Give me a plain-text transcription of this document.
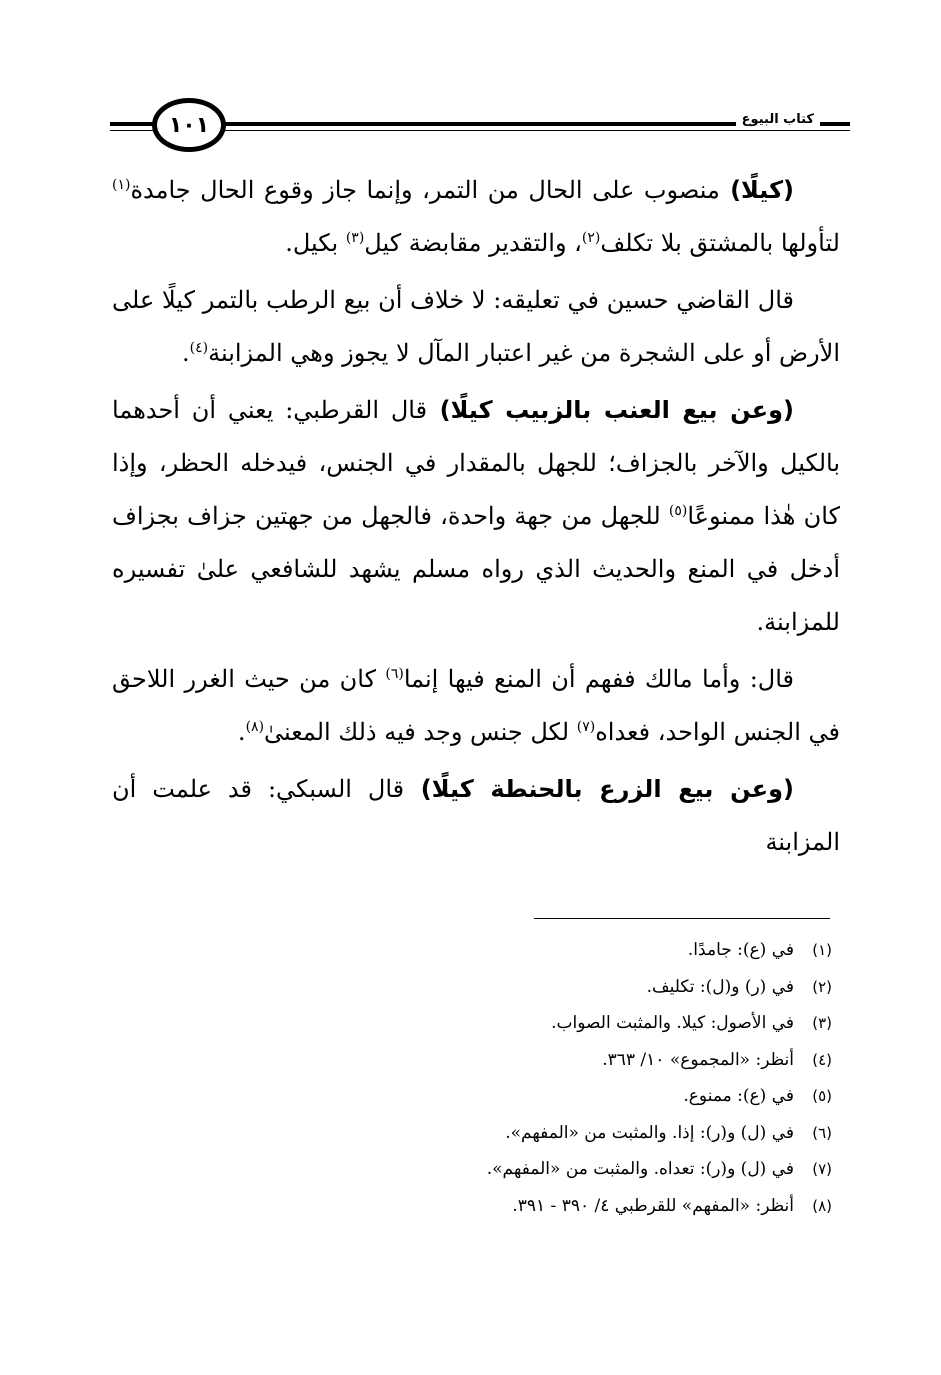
١٠١	كتاب البيوع

(كيلًا) منصوب على الحال من التمر، وإنما جاز وقوع الحال جامدة$^{(١)}$ لتأولها بالمشتق بلا تكلف$^{(٢)}$، والتقدير مقابضة كيل$^{(٣)}$ بكيل.

قال القاضي حسين في تعليقه: لا خلاف أن بيع الرطب بالتمر كيلًا على الأرض أو على الشجرة من غير اعتبار المآل لا يجوز وهي المزابنة$^{(٤)}$.

(وعن بيع العنب بالزبيب كيلًا) قال القرطبي: يعني أن أحدهما بالكيل والآخر بالجزاف؛ للجهل بالمقدار في الجنس، فيدخله الحظر، وإذا كان هٰذا ممنوعًا$^{(٥)}$ للجهل من جهة واحدة، فالجهل من جهتين جزاف بجزاف أدخل في المنع والحديث الذي رواه مسلم يشهد للشافعي علىٰ تفسيره للمزابنة.

قال: وأما مالك ففهم أن المنع فيها إنما$^{(٦)}$ كان من حيث الغرر اللاحق في الجنس الواحد، فعداه$^{(٧)}$ لكل جنس وجد فيه ذلك المعنىٰ$^{(٨)}$.

(وعن بيع الزرع بالحنطة كيلًا) قال السبكي: قد علمت أن المزابنة

(١)في (ع): جامدًا.
(٢)في (ر) و(ل): تكليف.
(٣)في الأصول: كيلا. والمثبت الصواب.
(٤)أنظر: «المجموع» ١٠/ ٣٦٣.
(٥)في (ع): ممنوع.
(٦)في (ل) و(ر): إذا. والمثبت من «المفهم».
(٧)في (ل) و(ر): تعداه. والمثبت من «المفهم».
(٨)أنظر: «المفهم» للقرطبي ٤/ ٣٩٠ - ٣٩١.
